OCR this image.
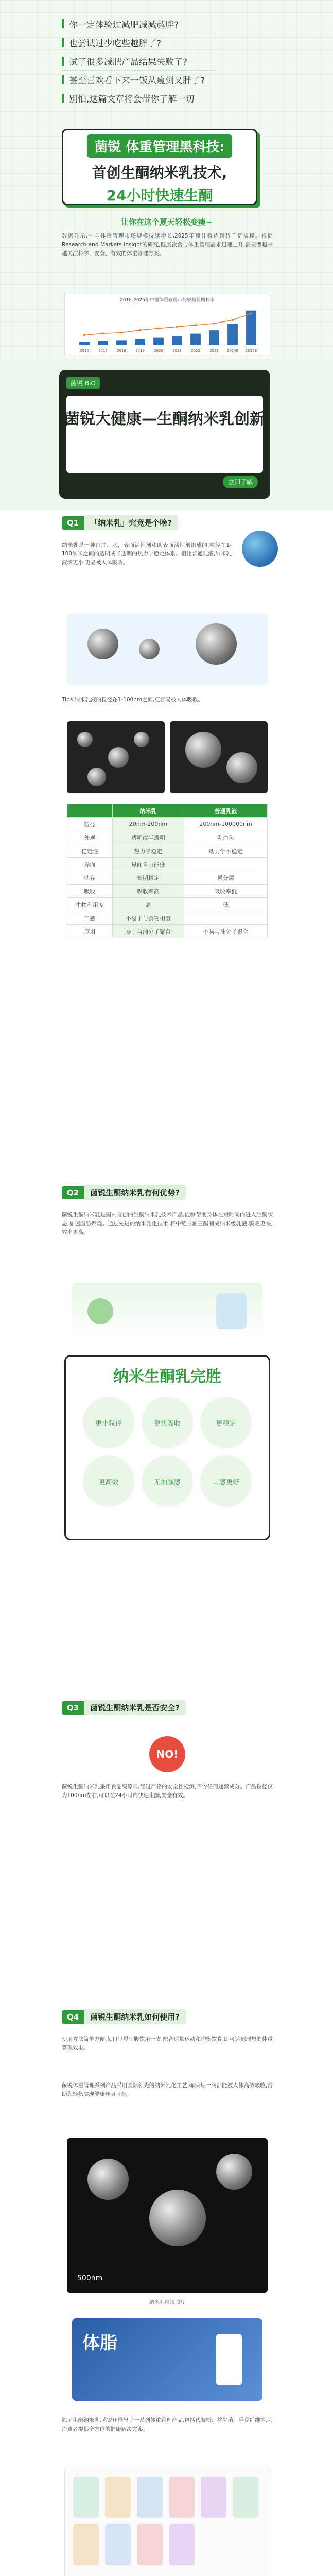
你一定体验过减肥减减越胖?
也尝试过少吃些越胖了?
试了很多减肥产品结果失败了?
甚至喜欢看下来一饭从瘦到又胖了?
别怕,这篇文章将会带你了解一切
菌锐 体重管理黑科技:
首创生酮纳米乳技术,
24小时快速生酮
让你在这个夏天轻松变瘦~
数据显示,中国体重管理市场规模持续增长,2025年预计将达到数千亿规模。根据 Research and Markets Insight的研究,健康饮食与体重管理需求迅速上升,消费者越来越关注科学、安全、有效的体重管理方案。
2016-2025年中国体重管理市场规模及增长率
2016	2017	2018	2019	2020	2021	2022	2023 2024E 2025E
菌锐 BiO
菌锐大健康—生酮纳米乳创新
立即了解
Q1	「纳米乳」究竟是个啥?
纳米乳是一种由油、水、表面活性剂和助表面活性剂组成的,粒径在1-100纳米之间的透明或半透明的热力学稳定体系。相比普通乳液,纳米乳液滴更小,更易被人体吸收。
Tips:纳米乳液的粒径在1-100nm之间,更容易被人体吸收。
	纳米乳	普通乳液
粒径	20nm-200nm	200nm-100000nm
外观	透明或半透明	乳白色
稳定性	热力学稳定	动力学不稳定
界面	界面自由能低	
储存	长期稳定	易分层
吸收	吸收率高	吸收率低
生物利用度	高	低
口感	不易于与食物相溶	
应用	易于与油分子聚合	不易与油分子聚合
Q2	菌锐生酮纳米乳有何优势?
菌锐生酮纳米乳是国内首创的生酮纳米乳技术产品,能够帮助身体在短时间内进入生酮状态,加速脂肪燃烧。通过先进的纳米乳化技术,将中链甘油三酯制成纳米级乳液,吸收更快,效率更高。
纳米生酮乳完胜
更小粒径	更快吸收	更稳定
更高效	无油腻感	口感更好
Q3	菌锐生酮纳米乳是否安全?
NO!
菌锐生酮纳米乳采用食品级原料,经过严格的安全性检测,不含任何违禁成分。产品粒径仅为100nm左右,可以在24小时内快速生酮,安全有效。
Q4	菌锐生酮纳米乳如何使用?
使用方法简单方便,每日早晨空腹饮用一支,配合适量运动和均衡饮食,即可达到理想的体重管理效果。
菌锐体重管理系列产品采用国际领先的纳米乳化工艺,确保每一滴都能被人体高效吸收,帮助您轻松实现健康瘦身目标。
500nm
纳米乳电镜照片
体脂
除了生酮纳米乳,菌锐还推出了一系列体重管理产品,包括代餐粉、益生菌、膳食纤维等,为消费者提供全方位的健康解决方案。
